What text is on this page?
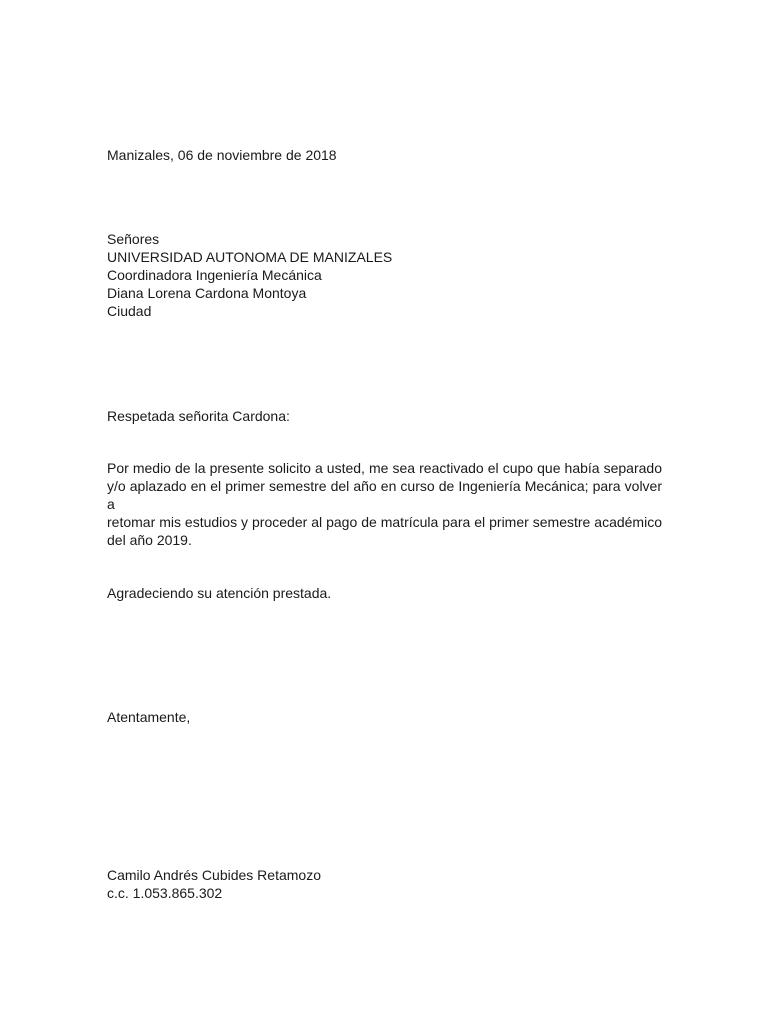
Manizales, 06 de noviembre de 2018

Señores
UNIVERSIDAD AUTONOMA DE MANIZALES
Coordinadora Ingeniería Mecánica
Diana Lorena Cardona Montoya
Ciudad

Respetada señorita Cardona:

Por medio de la presente solicito a usted, me sea reactivado el cupo que había separado
y/o aplazado en el primer semestre del año en curso de Ingeniería Mecánica; para volver a
retomar mis estudios y proceder al pago de matrícula para el primer semestre académico
del año 2019.

Agradeciendo su atención prestada.

Atentamente,

Camilo Andrés Cubides Retamozo
c.c. 1.053.865.302
